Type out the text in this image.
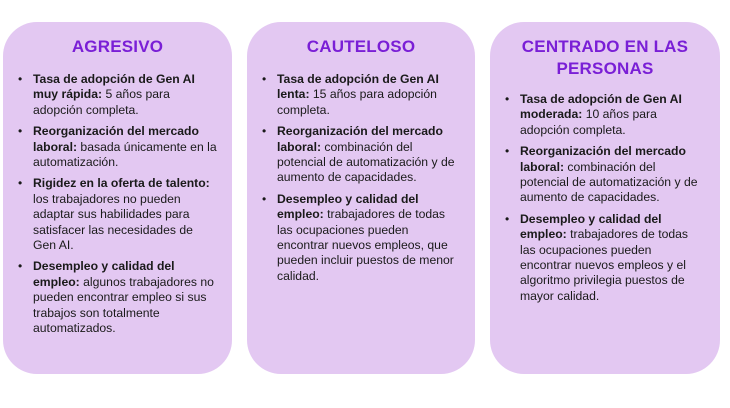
AGRESIVO
• Tasa de adopción de Gen AI muy rápida: 5 años para adopción completa.
• Reorganización del mercado laboral: basada únicamente en la automatización.
• Rigidez en la oferta de talento: los trabajadores no pueden adaptar sus habilidades para satisfacer las necesidades de Gen AI.
• Desempleo y calidad del empleo: algunos trabajadores no pueden encontrar empleo si sus trabajos son totalmente automatizados.
CAUTELOSO
• Tasa de adopción de Gen AI lenta: 15 años para adopción completa.
• Reorganización del mercado laboral: combinación del potencial de automatización y de aumento de capacidades.
• Desempleo y calidad del empleo: trabajadores de todas las ocupaciones pueden encontrar nuevos empleos, que pueden incluir puestos de menor calidad.
CENTRADO EN LAS PERSONAS
• Tasa de adopción de Gen AI moderada: 10 años para adopción completa.
• Reorganización del mercado laboral: combinación del potencial de automatización y de aumento de capacidades.
• Desempleo y calidad del empleo: trabajadores de todas las ocupaciones pueden encontrar nuevos empleos y el algoritmo privilegia puestos de mayor calidad.
